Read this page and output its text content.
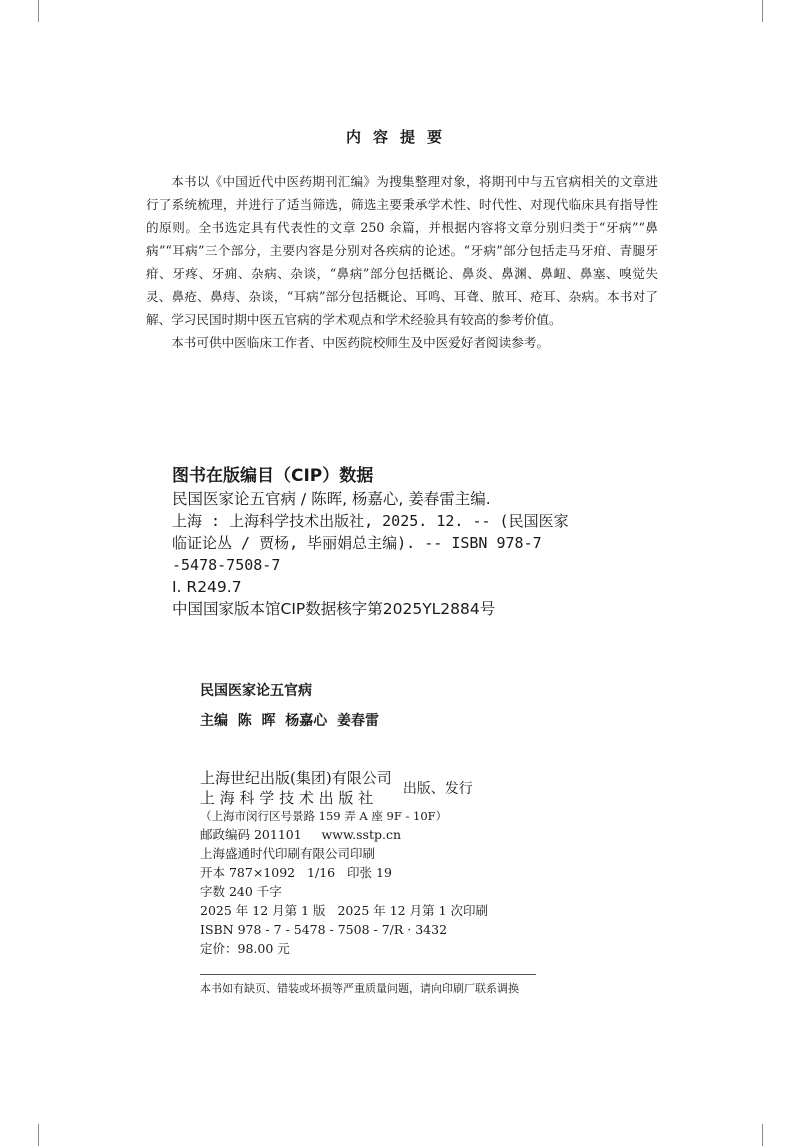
内容提要

本书以《中国近代中医药期刊汇编》为搜集整理对象，将期刊中与五官病相关的文章进行了系统梳理，并进行了适当筛选，筛选主要秉承学术性、时代性、对现代临床具有指导性的原则。全书选定具有代表性的文章 250 余篇，并根据内容将文章分别归类于“牙病”“鼻病”“耳病”三个部分，主要内容是分别对各疾病的论述。“牙病”部分包括走马牙疳、青腿牙疳、牙疼、牙痈、杂病、杂谈，“鼻病”部分包括概论、鼻炎、鼻渊、鼻衄、鼻塞、嗅觉失灵、鼻疮、鼻痔、杂谈，“耳病”部分包括概论、耳鸣、耳聋、脓耳、疮耳、杂病。本书对了解、学习民国时期中医五官病的学术观点和学术经验具有较高的参考价值。

本书可供中医临床工作者、中医药院校师生及中医爱好者阅读参考。

图书在版编目（CIP）数据
民国医家论五官病 / 陈晖, 杨嘉心, 姜春雷主编.
上海 : 上海科学技术出版社, 2025. 12. -- (民国医家
临证论丛 / 贾杨, 毕丽娟总主编). -- ISBN 978-7
-5478-7508-7
Ⅰ. R249.7
中国国家版本馆CIP数据核字第2025YL2884号
民国医家论五官病
主编  陈  晖  杨嘉心  姜春雷
上海世纪出版(集团)有限公司
上 海 科 学 技 术 出 版 社	出版、发行
（上海市闵行区号景路 159 弄 A 座 9F - 10F）
邮政编码 201101     www.sstp.cn
上海盛通时代印刷有限公司印刷
开本 787×1092   1/16   印张 19
字数 240 千字
2025 年 12 月第 1 版   2025 年 12 月第 1 次印刷
ISBN 978 - 7 - 5478 - 7508 - 7/R · 3432
定价：98.00 元
本书如有缺页、错装或坏损等严重质量问题，请向印刷厂联系调换
